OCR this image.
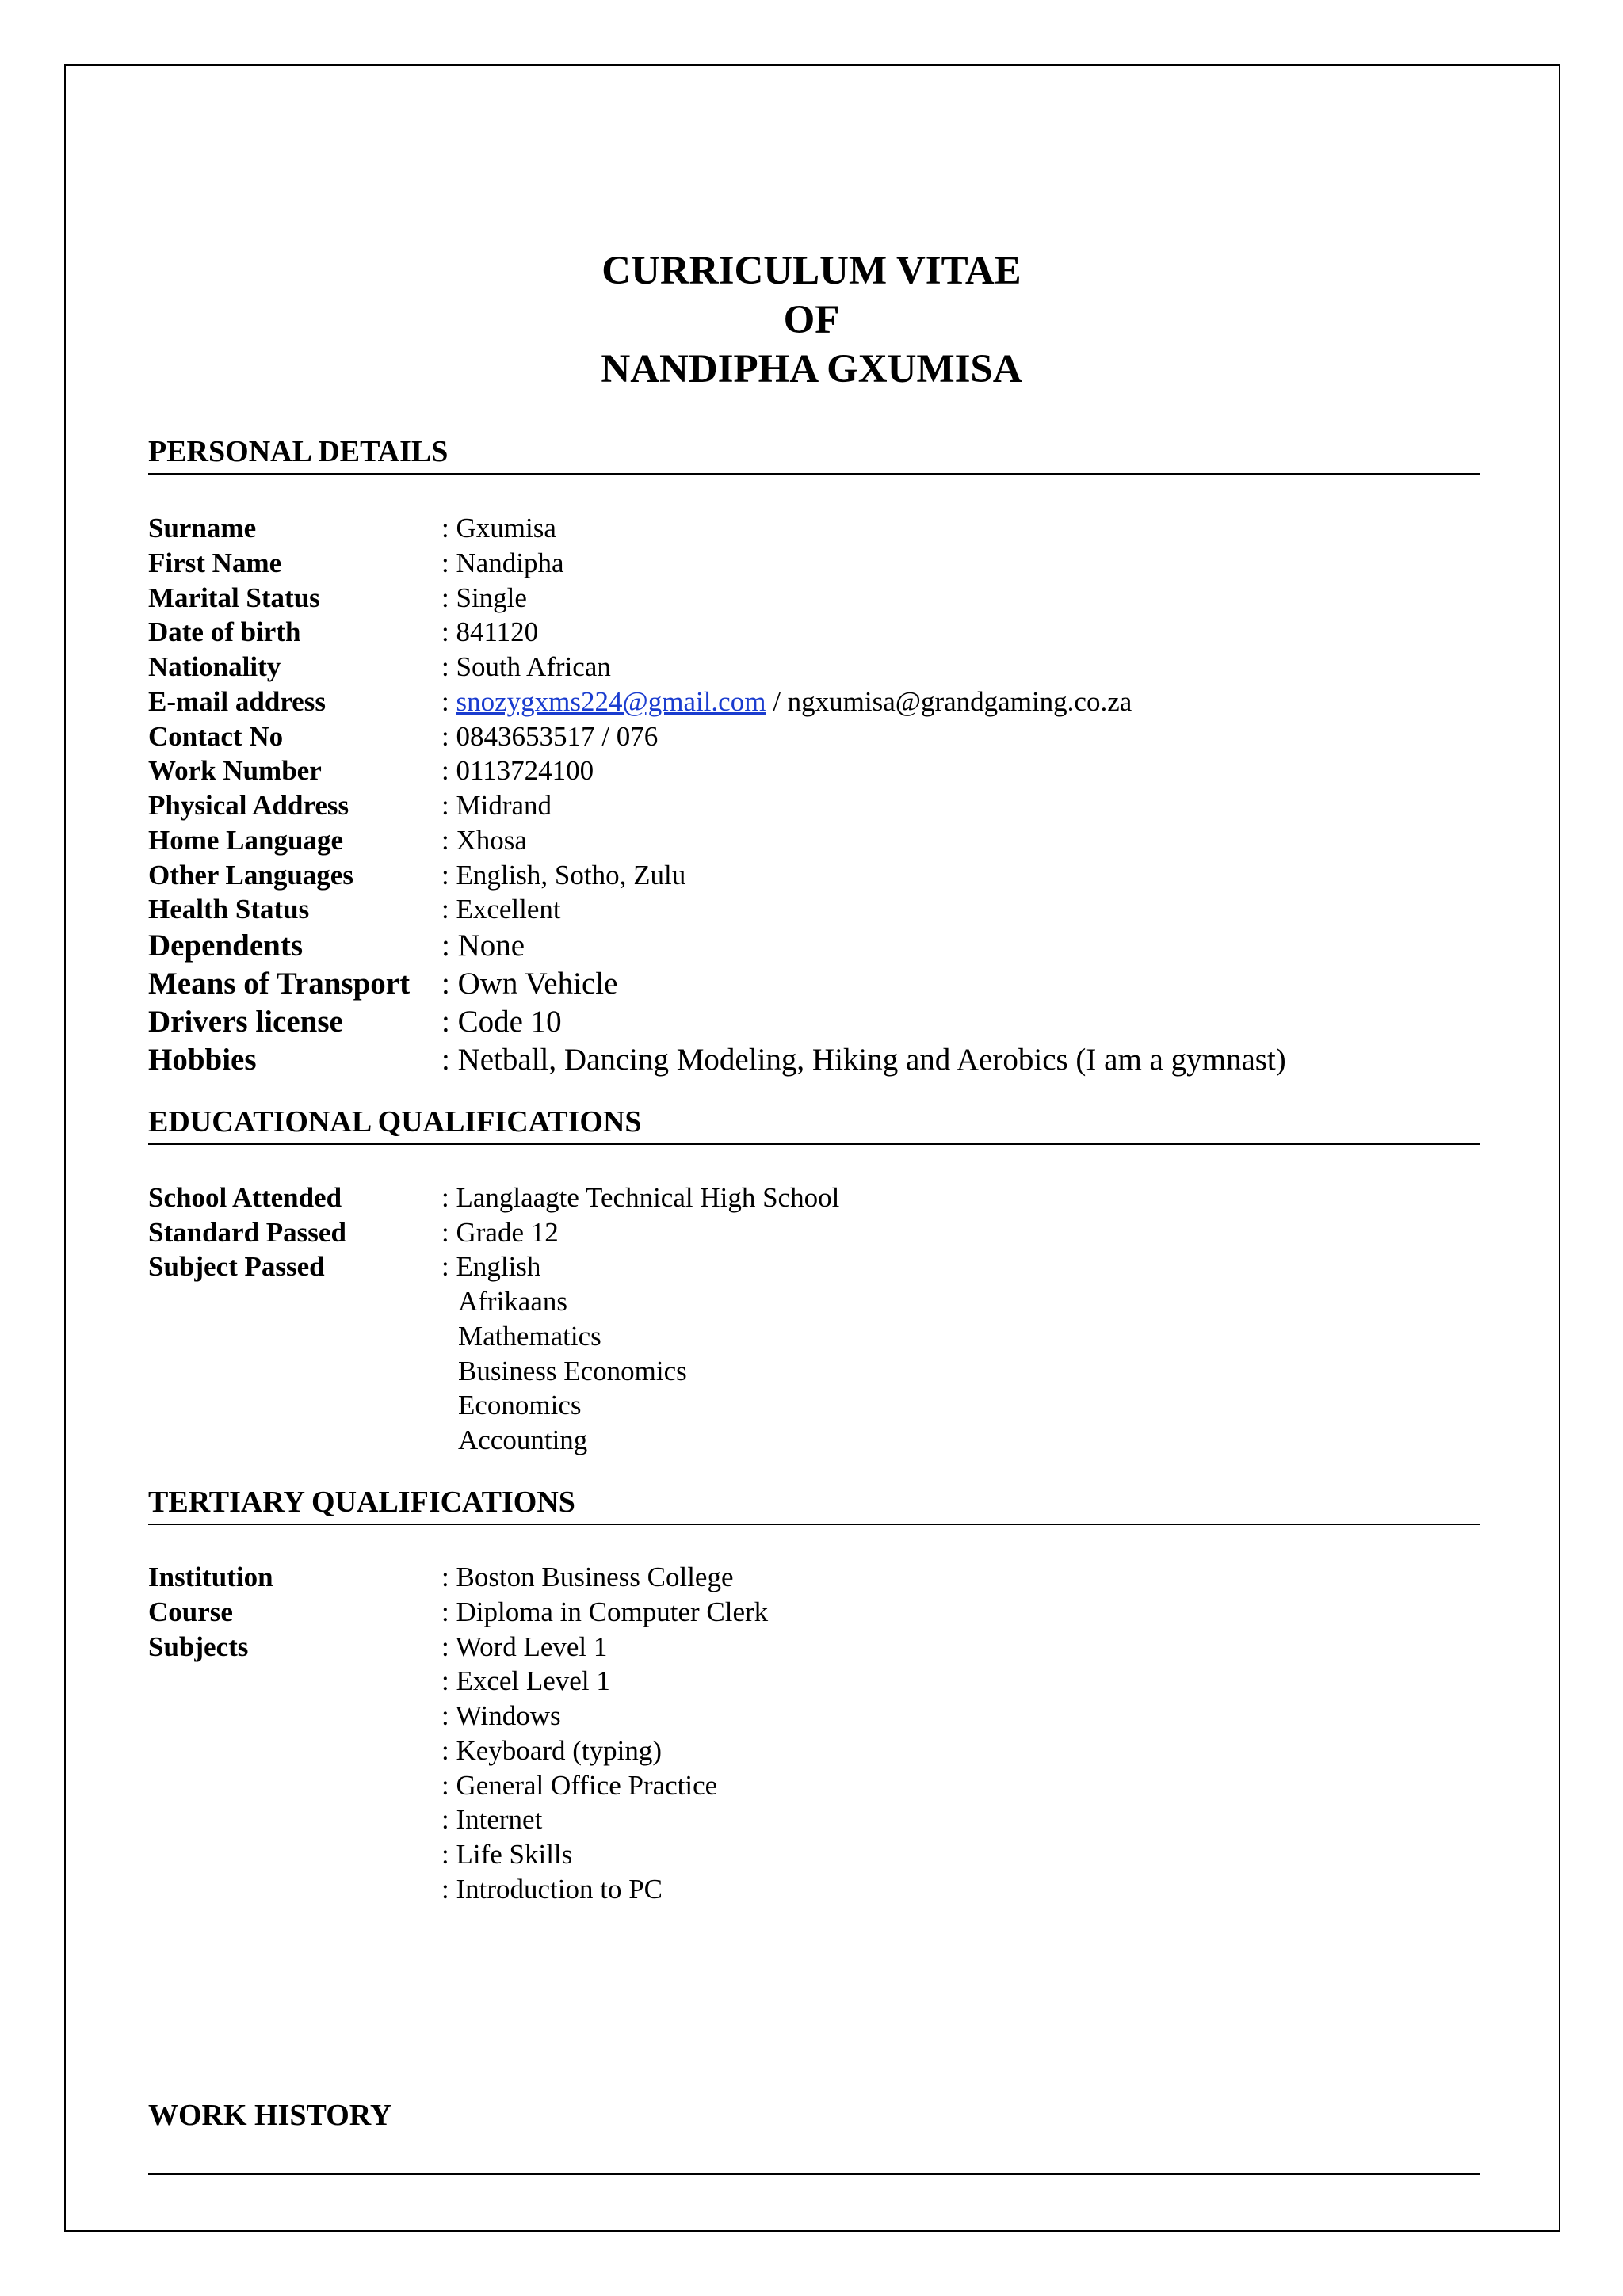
CURRICULUM VITAE
OF
NANDIPHA GXUMISA
PERSONAL DETAILS
Surname	: Gxumisa
First Name	: Nandipha
Marital Status	: Single
Date of birth	: 841120
Nationality	: South African
E-mail address	: snozygxms224@gmail.com / ngxumisa@grandgaming.co.za
Contact No	: 0843653517 / 076
Work Number	: 0113724100
Physical Address	: Midrand
Home Language	: Xhosa
Other Languages	: English, Sotho, Zulu
Health Status	: Excellent
Dependents	: None
Means of Transport : Own Vehicle
Drivers license	: Code 10
Hobbies	: Netball, Dancing Modeling, Hiking and Aerobics (I am a gymnast)
EDUCATIONAL QUALIFICATIONS
School Attended	: Langlaagte Technical High School
Standard Passed	: Grade 12
Subject Passed	: English
Afrikaans
Mathematics
Business Economics
Economics
Accounting
TERTIARY QUALIFICATIONS
Institution	: Boston Business College
Course	: Diploma in Computer Clerk
Subjects	: Word Level 1
: Excel Level 1
: Windows
: Keyboard (typing)
: General Office Practice
: Internet
: Life Skills
: Introduction to PC
WORK HISTORY
